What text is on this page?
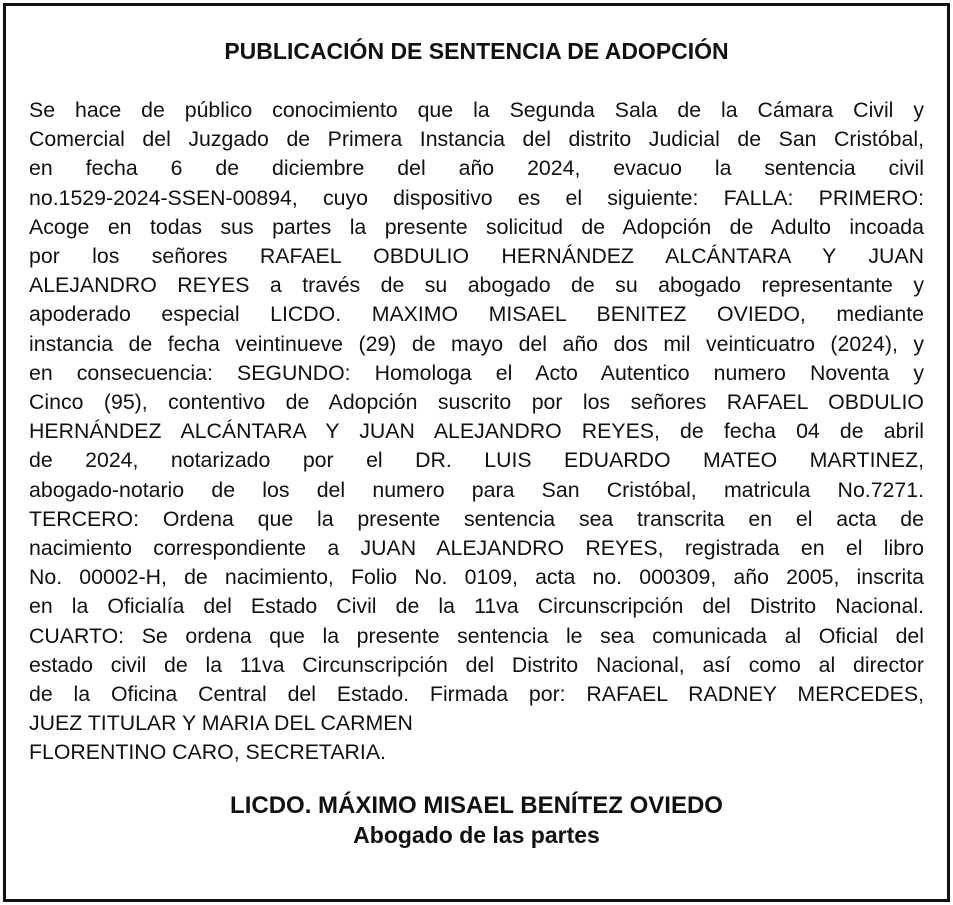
PUBLICACIÓN DE SENTENCIA DE ADOPCIÓN

Se hace de público conocimiento que la Segunda Sala de la Cámara Civil y
Comercial del Juzgado de Primera Instancia del distrito Judicial de San Cristóbal,
en fecha 6 de diciembre del año 2024, evacuo la sentencia civil
no.1529-2024-SSEN-00894, cuyo dispositivo es el siguiente: FALLA: PRIMERO:
Acoge en todas sus partes la presente solicitud de Adopción de Adulto incoada
por los señores RAFAEL OBDULIO HERNÁNDEZ ALCÁNTARA Y JUAN
ALEJANDRO REYES a través de su abogado de su abogado representante y
apoderado especial LICDO. MAXIMO MISAEL BENITEZ OVIEDO, mediante
instancia de fecha veintinueve (29) de mayo del año dos mil veinticuatro (2024), y
en consecuencia: SEGUNDO: Homologa el Acto Autentico numero Noventa y
Cinco (95), contentivo de Adopción suscrito por los señores RAFAEL OBDULIO
HERNÁNDEZ ALCÁNTARA Y JUAN ALEJANDRO REYES, de fecha 04 de abril
de 2024, notarizado por el DR. LUIS EDUARDO MATEO MARTINEZ,
abogado-notario de los del numero para San Cristóbal, matricula No.7271.
TERCERO: Ordena que la presente sentencia sea transcrita en el acta de
nacimiento correspondiente a JUAN ALEJANDRO REYES, registrada en el libro
No. 00002-H, de nacimiento, Folio No. 0109, acta no. 000309, año 2005, inscrita
en la Oficialía del Estado Civil de la 11va Circunscripción del Distrito Nacional.
CUARTO: Se ordena que la presente sentencia le sea comunicada al Oficial del
estado civil de la 11va Circunscripción del Distrito Nacional, así como al director
de la Oficina Central del Estado. Firmada por: RAFAEL RADNEY MERCEDES,
JUEZ TITULAR Y MARIA DEL CARMEN
FLORENTINO CARO, SECRETARIA.

LICDO. MÁXIMO MISAEL BENÍTEZ OVIEDO
Abogado de las partes
